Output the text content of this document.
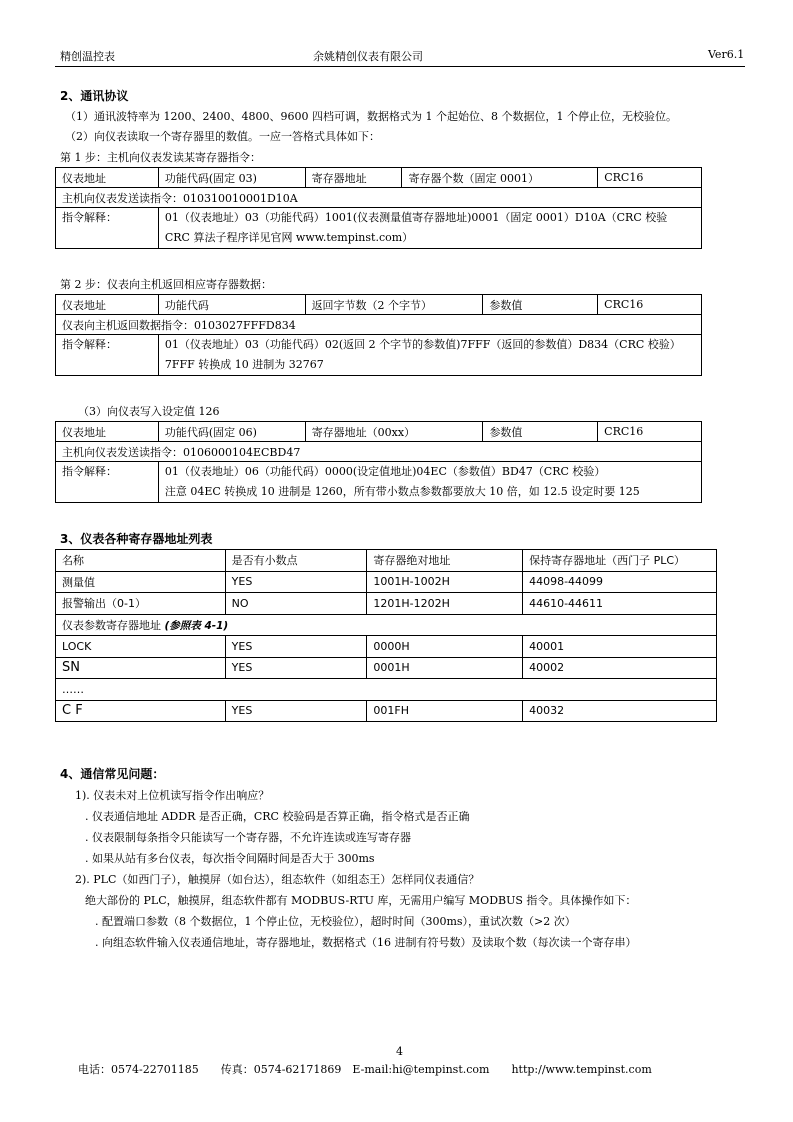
精创温控表	余姚精创仪表有限公司	Ver6.1
2、通讯协议
（1）通讯波特率为 1200、2400、4800、9600 四档可调，数据格式为 1 个起始位、8 个数据位，1 个停止位，无校验位。
（2）向仪表读取一个寄存器里的数值。一应一答格式具体如下：
第 1 步：主机向仪表发读某寄存器指令：
仪表地址	功能代码(固定 03)	寄存器地址	寄存器个数（固定 0001）	CRC16
主机向仪表发送读指令：010310010001D10A				
指令解释：	01（仪表地址）03（功能代码）1001(仪表测量值寄存器地址)0001（固定 0001）D10A（CRC 校验 CRC 算法子程序详见官网 www.tempinst.com）			
第 2 步：仪表向主机返回相应寄存器数据：
仪表地址	功能代码	返回字节数（2 个字节）	参数值	CRC16
仪表向主机返回数据指令：0103027FFFD834				
指令解释：	01（仪表地址）03（功能代码）02(返回 2 个字节的参数值)7FFF（返回的参数值）D834（CRC 校验） 7FFF 转换成 10 进制为 32767			
（3）向仪表写入设定值 126
仪表地址	功能代码(固定 06)	寄存器地址（00xx）	参数值	CRC16
主机向仪表发送读指令：0106000104ECBD47				
指令解释：	01（仪表地址）06（功能代码）0000(设定值地址)04EC（参数值）BD47（CRC 校验）
注意 04EC 转换成 10 进制是 1260，所有带小数点参数都要放大 10 倍，如 12.5 设定时要 125			
3、仪表各种寄存器地址列表
名称	是否有小数点	寄存器绝对地址	保持寄存器地址（西门子 PLC）
测量值	YES	1001H-1002H	44098-44099
报警输出（0-1）	NO	1201H-1202H	44610-44611
仪表参数寄存器地址 (参照表 4-1)			
LOCK	YES	0000H	40001
SN	YES	0001H	40002
……			
C F	YES	001FH	40032
4、通信常见问题：
1). 仪表未对上位机读写指令作出响应？
. 仪表通信地址 ADDR 是否正确，CRC 校验码是否算正确，指令格式是否正确
. 仪表限制每条指令只能读写一个寄存器，不允许连读或连写寄存器
. 如果从站有多台仪表，每次指令间隔时间是否大于 300ms
2). PLC（如西门子），触摸屏（如台达），组态软件（如组态王）怎样同仪表通信？
绝大部份的 PLC，触摸屏，组态软件都有 MODBUS-RTU 库，无需用户编写 MODBUS 指令。具体操作如下：
. 配置端口参数（8 个数据位，1 个停止位，无校验位），超时时间（300ms），重试次数（>2 次）
. 向组态软件输入仪表通信地址，寄存器地址，数据格式（16 进制有符号数）及读取个数（每次读一个寄存串）
4
电话：0574-22701185　　传真：0574-62171869　E-mail:hi@tempinst.com　　http://www.tempinst.com
